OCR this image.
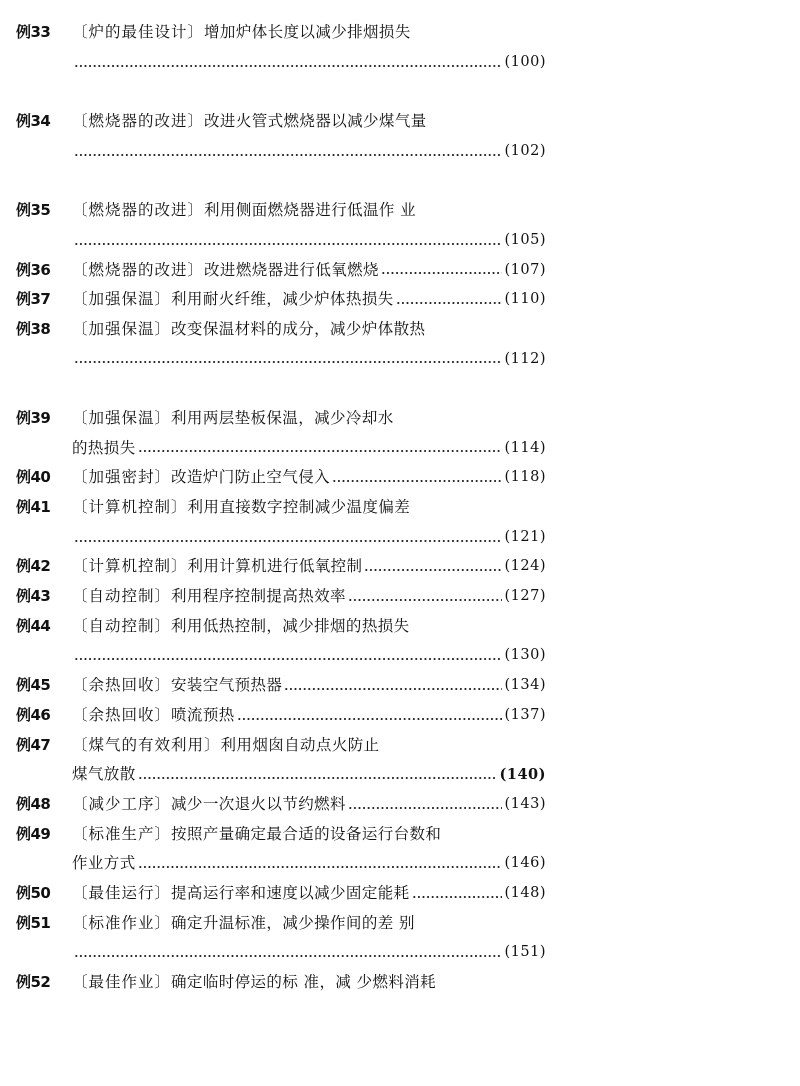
例33	〔炉的最佳设计〕增加炉体长度以减少排烟损失
(100)
例34	〔燃烧器的改进〕改进火管式燃烧器以减少煤气量
(102)
例35	〔燃烧器的改进〕利用侧面燃烧器进行低温作 业
(105)
例36	〔燃烧器的改进〕改进燃烧器进行低氧燃烧	(107)
例37	〔加强保温〕利用耐火纤维，减少炉体热损失	(110)
例38	〔加强保温〕改变保温材料的成分，减少炉体散热
(112)
例39	〔加强保温〕利用两层垫板保温，减少冷却水
的热损失	(114)
例40	〔加强密封〕改造炉门防止空气侵入	(118)
例41	〔计算机控制〕利用直接数字控制减少温度偏差
(121)
例42	〔计算机控制〕利用计算机进行低氧控制	(124)
例43	〔自动控制〕利用程序控制提高热效率	(127)
例44	〔自动控制〕利用低热控制，减少排烟的热损失
(130)
例45	〔余热回收〕安装空气预热器	(134)
例46	〔余热回收〕喷流预热	(137)
例47	〔煤气的有效利用〕利用烟囱自动点火防止
煤气放散	(140)
例48	〔减少工序〕减少一次退火以节约燃料	(143)
例49	〔标准生产〕按照产量确定最合适的设备运行台数和
作业方式	(146)
例50	〔最佳运行〕提高运行率和速度以减少固定能耗	(148)
例51	〔标准作业〕确定升温标准，减少操作间的差 别
(151)
例52	〔最佳作业〕确定临时停运的标 准，减 少燃料消耗
